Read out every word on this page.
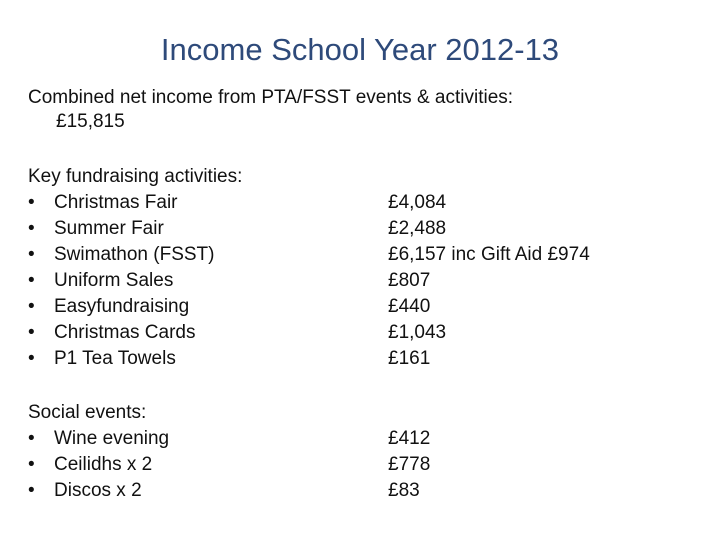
Income School Year 2012-13
Combined net income from PTA/FSST events & activities:
£15,815
Key fundraising activities:
• Christmas Fair	£4,084
• Summer Fair	£2,488
• Swimathon (FSST)	£6,157 inc Gift Aid £974
• Uniform Sales	£807
• Easyfundraising	£440
• Christmas Cards	£1,043
• P1 Tea Towels	£161
Social events:
• Wine evening	£412
• Ceilidhs x 2	£778
• Discos x 2	£83
